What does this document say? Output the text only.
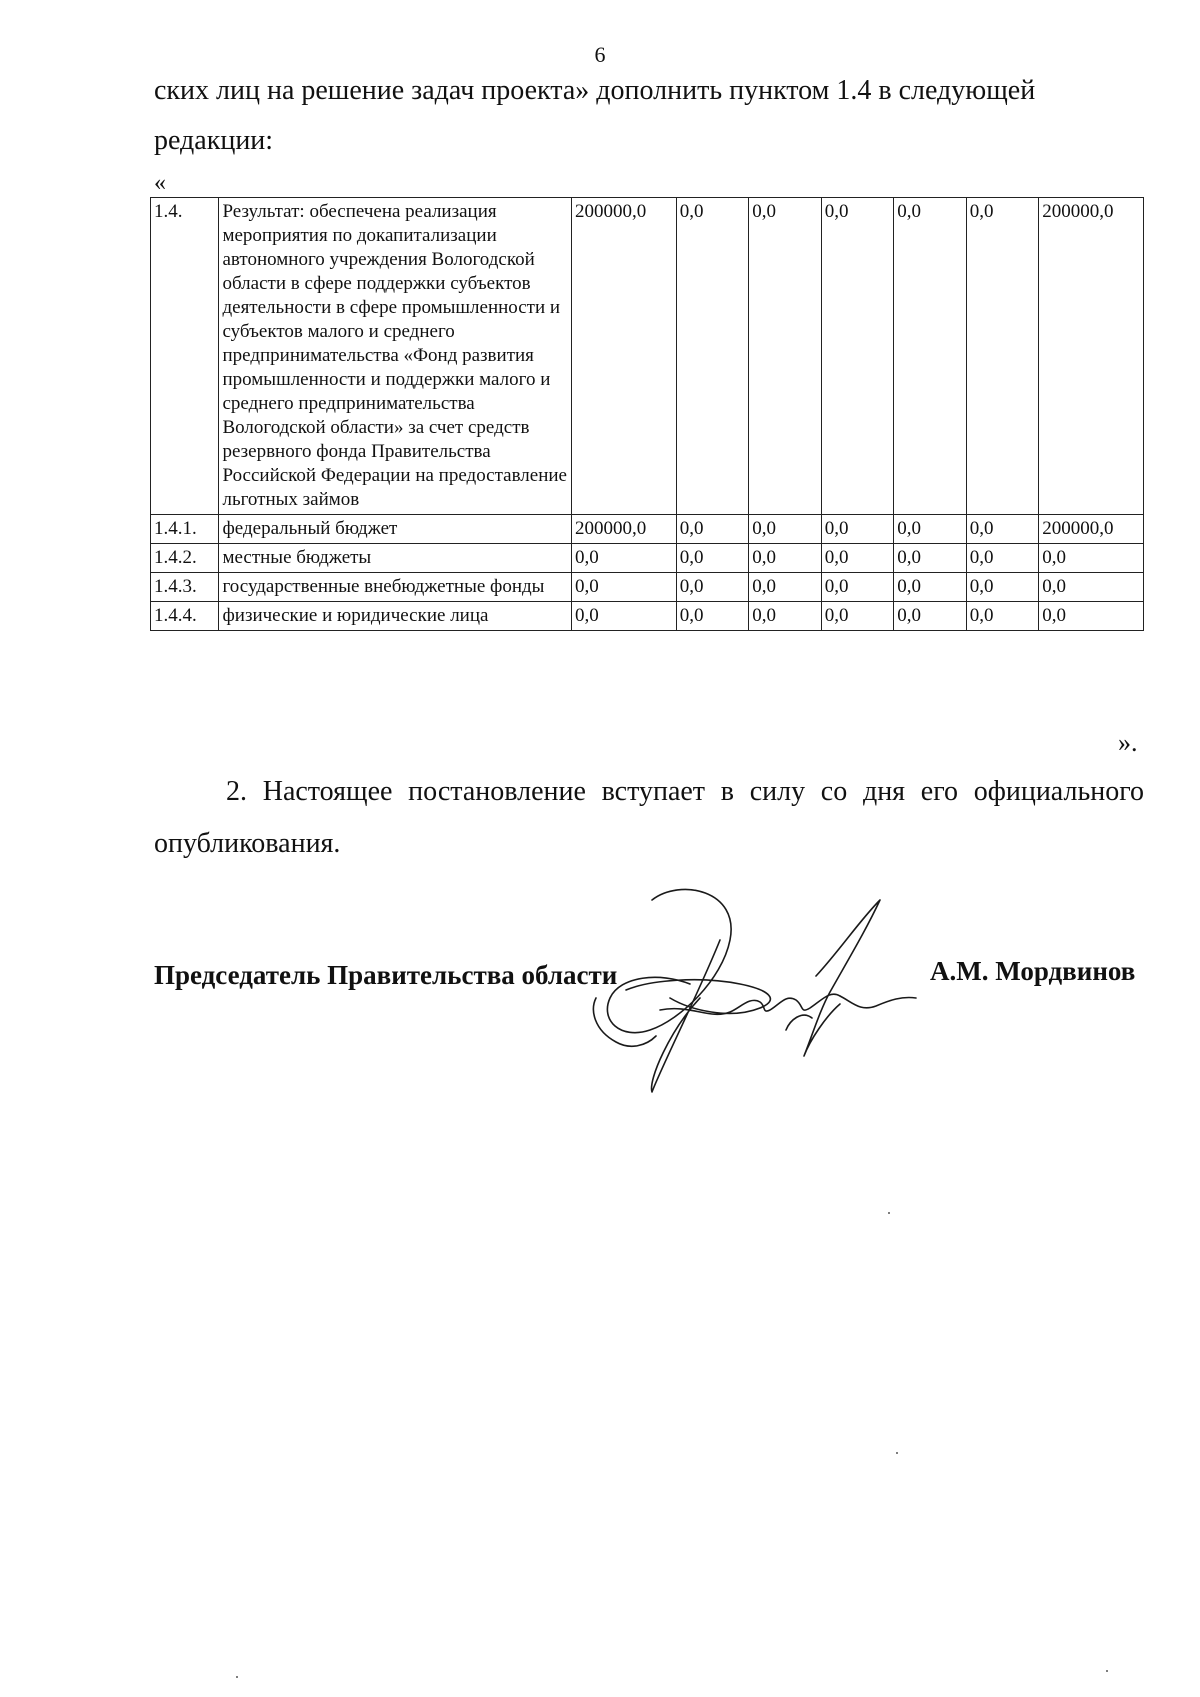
6

ских лиц на решение задач проекта» дополнить пунктом 1.4 в следующей редакции:

«
1.4.	Результат: обеспечена реализация мероприятия по докапитализации автономного учреждения Вологодской области в сфере поддержки субъектов деятельности в сфере промышленности и субъектов малого и среднего предпринимательства «Фонд развития промышленности и поддержки малого и среднего предпринимательства Вологодской области» за счет средств резервного фонда Правительства Российской Федерации на предоставление льготных займов	200000,0	0,0	0,0	0,0	0,0	0,0	200000,0
1.4.1.	федеральный бюджет	200000,0	0,0	0,0	0,0	0,0	0,0	200000,0
1.4.2.	местные бюджеты	0,0	0,0	0,0	0,0	0,0	0,0	0,0
1.4.3.	государственные внебюджетные фонды	0,0	0,0	0,0	0,0	0,0	0,0	0,0
1.4.4.	физические и юридические лица	0,0	0,0	0,0	0,0	0,0	0,0	0,0
».

2. Настоящее постановление вступает в силу со дня его официального опубликования.

Председатель Правительства области	А.М. Мордвинов
